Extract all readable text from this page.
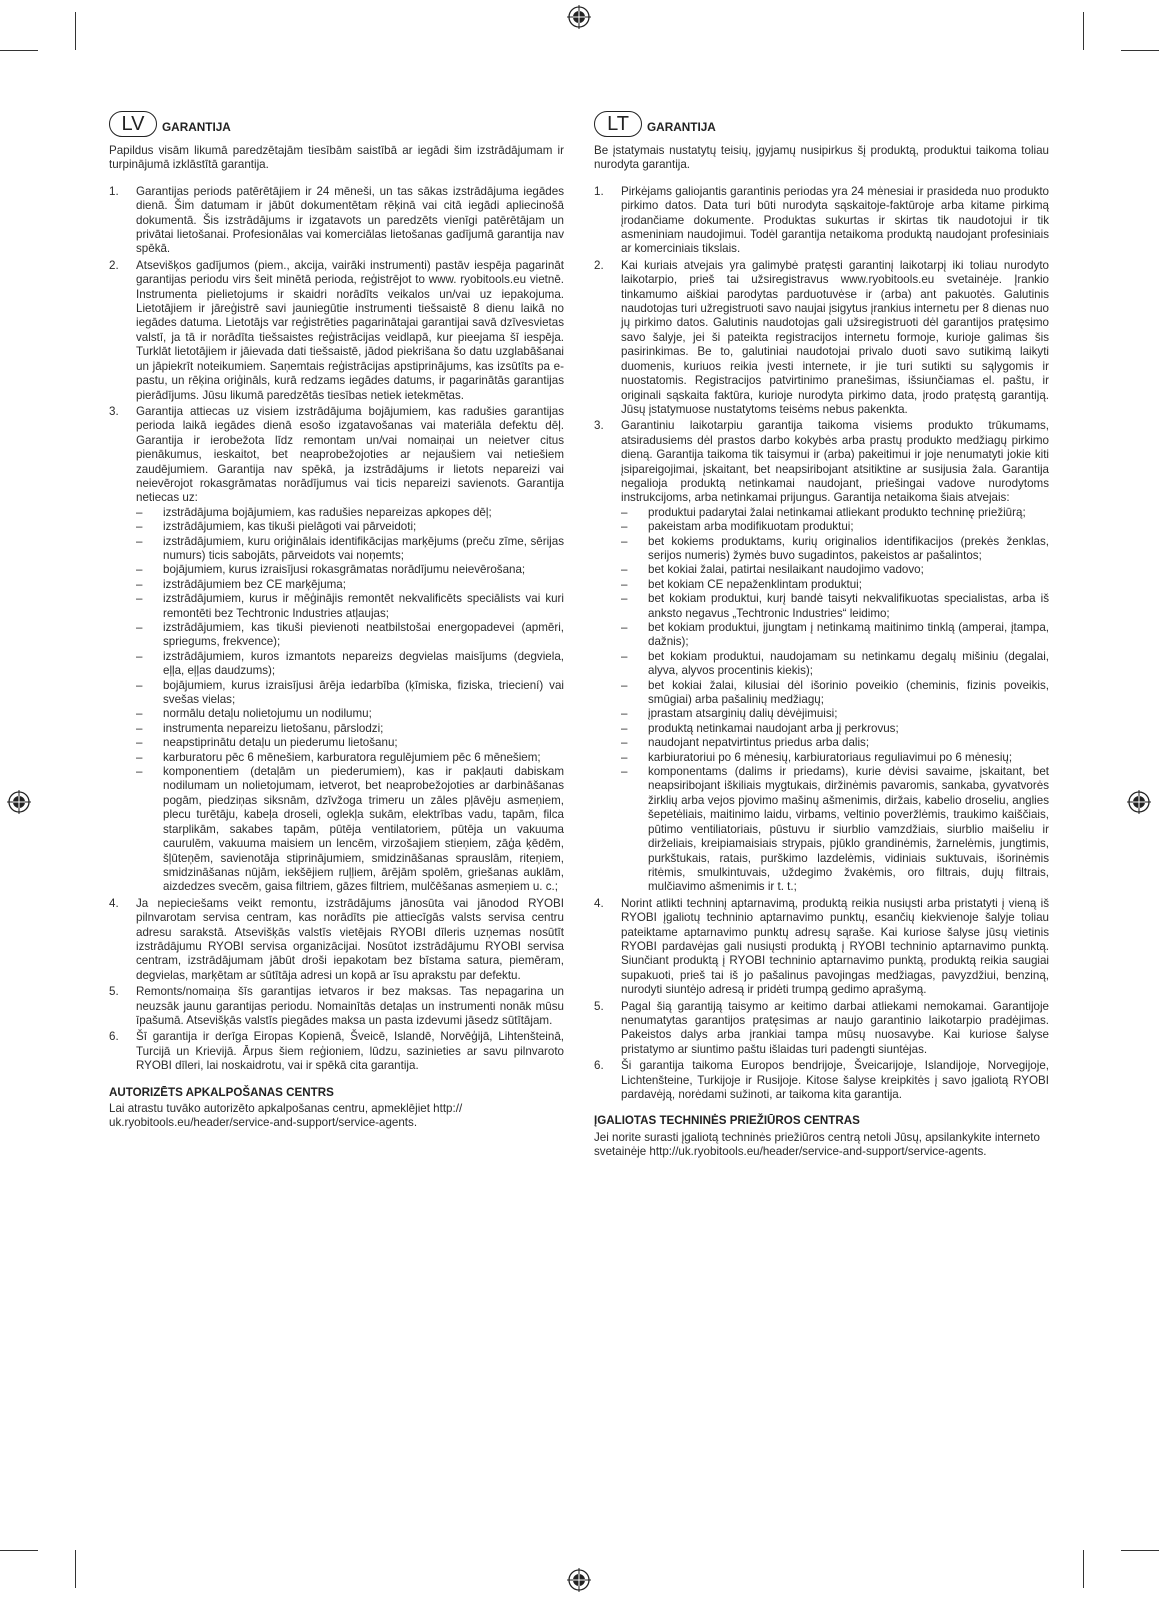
LV	GARANTIJA

Papildus visām likumā paredzētajām tiesībām saistībā ar iegādi šim izstrādājumam ir turpinājumā izklāstītā garantija.

1. Garantijas periods patērētājiem ir 24 mēneši, un tas sākas izstrādājuma iegādes dienā. Šim datumam ir jābūt dokumentētam rēķinā vai citā iegādi apliecinošā dokumentā. Šis izstrādājums ir izgatavots un paredzēts vienīgi patērētājam un privātai lietošanai. Profesionālas vai komerciālas lietošanas gadījumā garantija nav spēkā.
2. Atsevišķos gadījumos (piem., akcija, vairāki instrumenti) pastāv iespēja pagarināt garantijas periodu virs šeit minētā perioda, reģistrējot to www. ryobitools.eu vietnē. Instrumenta pielietojums ir skaidri norādīts veikalos un/vai uz iepakojuma. Lietotājiem ir jāreģistrē savi jauniegūtie instrumenti tiešsaistē 8 dienu laikā no iegādes datuma. Lietotājs var reģistrēties pagarinātajai garantijai savā dzīvesvietas valstī, ja tā ir norādīta tiešsaistes reģistrācijas veidlapā, kur pieejama šī iespēja. Turklāt lietotājiem ir jāievada dati tiešsaistē, jādod piekrišana šo datu uzglabāšanai un jāpiekrīt noteikumiem. Saņemtais reģistrācijas apstiprinājums, kas izsūtīts pa e-pastu, un rēķina oriģināls, kurā redzams iegādes datums, ir pagarinātās garantijas pierādījums. Jūsu likumā paredzētās tiesības netiek ietekmētas.
3. Garantija attiecas uz visiem izstrādājuma bojājumiem, kas radušies garantijas perioda laikā iegādes dienā esošo izgatavošanas vai materiāla defektu dēļ. Garantija ir ierobežota līdz remontam un/vai nomaiņai un neietver citus pienākumus, ieskaitot, bet neaprobežojoties ar nejaušiem vai netiešiem zaudējumiem. Garantija nav spēkā, ja izstrādājums ir lietots nepareizi vai neievērojot rokasgrāmatas norādījumus vai ticis nepareizi savienots. Garantija netiecas uz:
– izstrādājuma bojājumiem, kas radušies nepareizas apkopes dēļ;
– izstrādājumiem, kas tikuši pielāgoti vai pārveidoti;
– izstrādājumiem, kuru oriģinālais identifikācijas marķējums (preču zīme, sērijas numurs) ticis sabojāts, pārveidots vai noņemts;
– bojājumiem, kurus izraisījusi rokasgrāmatas norādījumu neievērošana;
– izstrādājumiem bez CE marķējuma;
– izstrādājumiem, kurus ir mēģinājis remontēt nekvalificēts speciālists vai kuri remontēti bez Techtronic Industries atļaujas;
– izstrādājumiem, kas tikuši pievienoti neatbilstošai energopadevei (apmēri, spriegums, frekvence);
– izstrādājumiem, kuros izmantots nepareizs degvielas maisījums (degviela, eļļa, eļļas daudzums);
– bojājumiem, kurus izraisījusi ārēja iedarbība (ķīmiska, fiziska, trieciení) vai svešas vielas;
– normālu detaļu nolietojumu un nodilumu;
– instrumenta nepareizu lietošanu, pārslodzi;
– neapstiprinātu detaļu un piederumu lietošanu;
– karburatoru pēc 6 mēnešiem, karburatora regulējumiem pēc 6 mēnešiem;
– komponentiem (detaļām un piederumiem), kas ir pakļauti dabiskam nodilumam un nolietojumam, ietverot, bet neaprobežojoties ar darbināšanas pogām, piedziņas siksnām, dzīvžoga trimeru un zāles pļāvēju asmeņiem, plecu turētāju, kabeļa droseli, oglekļa sukām, elektrības vadu, tapām, filca starplikām, sakabes tapām, pūtēja ventilatoriem, pūtēja un vakuuma caurulēm, vakuuma maisiem un lencēm, virzošajiem stieņiem, zāģa ķēdēm, šļūteņēm, savienotāja stiprinājumiem, smidzināšanas sprauslām, riteņiem, smidzināšanas nūjām, iekšējiem ruļļiem, ārējām spolēm, griešanas auklām, aizdedzes svecēm, gaisa filtriem, gāzes filtriem, mulčēšanas asmeņiem u. c.;
4. Ja nepieciešams veikt remontu, izstrādājums jānosūta vai jānodod RYOBI pilnvarotam servisa centram, kas norādīts pie attiecīgās valsts servisa centru adresu sarakstā. Atsevišķās valstīs vietējais RYOBI dīleris uzņemas nosūtīt izstrādājumu RYOBI servisa organizācijai. Nosūtot izstrādājumu RYOBI servisa centram, izstrādājumam jābūt droši iepakotam bez bīstama satura, piemēram, degvielas, marķētam ar sūtītāja adresi un kopā ar īsu aprakstu par defektu.
5. Remonts/nomaiņa šīs garantijas ietvaros ir bez maksas. Tas nepagarina un neuzsāk jaunu garantijas periodu. Nomainītās detaļas un instrumenti nonāk mūsu īpašumā. Atsevišķās valstīs piegādes maksa un pasta izdevumi jāsedz sūtītājam.
6. Šī garantija ir derīga Eiropas Kopienā, Šveicē, Islandē, Norvēģijā, Lihtenšteinā, Turcijā un Krievijā. Ārpus šiem reģioniem, lūdzu, sazinieties ar savu pilnvaroto RYOBI dīleri, lai noskaidrotu, vai ir spēkā cita garantija.
AUTORIZĒTS APKALPOŠANAS CENTRS

Lai atrastu tuvāko autorizēto apkalpošanas centru, apmeklējiet http:// uk.ryobitools.eu/header/service-and-support/service-agents.

LT	GARANTIJA

Be įstatymais nustatytų teisių, įgyjamų nusipirkus šį produktą, produktui taikoma toliau nurodyta garantija.

1. Pirkėjams galiojantis garantinis periodas yra 24 mėnesiai ir prasideda nuo produkto pirkimo datos. Data turi būti nurodyta sąskaitoje-faktūroje arba kitame pirkimą įrodančiame dokumente. Produktas sukurtas ir skirtas tik naudotojui ir tik asmeniniam naudojimui. Todėl garantija netaikoma produktą naudojant profesiniais ar komerciniais tikslais.
2. Kai kuriais atvejais yra galimybė pratęsti garantinį laikotarpį iki toliau nurodyto laikotarpio, prieš tai užsiregistravus www.ryobitools.eu svetainėje. Įrankio tinkamumo aiškiai parodytas parduotuvėse ir (arba) ant pakuotės. Galutinis naudotojas turi užregistruoti savo naujai įsigytus įrankius internetu per 8 dienas nuo jų pirkimo datos. Galutinis naudotojas gali užsiregistruoti dėl garantijos pratęsimo savo šalyje, jei ši pateikta registracijos internetu formoje, kurioje galimas šis pasirinkimas. Be to, galutiniai naudotojai privalo duoti savo sutikimą laikyti duomenis, kuriuos reikia įvesti internete, ir jie turi sutikti su sąlygomis ir nuostatomis. Registracijos patvirtinimo pranešimas, išsiunčiamas el. paštu, ir originali sąskaita faktūra, kurioje nurodyta pirkimo data, įrodo pratęstą garantiją. Jūsų įstatymuose nustatytoms teisėms nebus pakenkta.
3. Garantiniu laikotarpiu garantija taikoma visiems produkto trūkumams, atsiradusiems dėl prastos darbo kokybės arba prastų produkto medžiagų pirkimo dieną. Garantija taikoma tik taisymui ir (arba) pakeitimui ir joje nenumatyti jokie kiti įsipareigojimai, įskaitant, bet neapsiribojant atsitiktine ar susijusia žala. Garantija negalioja produktą netinkamai naudojant, priešingai vadove nurodytoms instrukcijoms, arba netinkamai prijungus. Garantija netaikoma šiais atvejais:
– produktui padarytai žalai netinkamai atliekant produkto techninę priežiūrą;
– pakeistam arba modifikuotam produktui;
– bet kokiems produktams, kurių originalios identifikacijos (prekės ženklas, serijos numeris) žymės buvo sugadintos, pakeistos ar pašalintos;
– bet kokiai žalai, patirtai nesilaikant naudojimo vadovo;
– bet kokiam CE nepaženklintam produktui;
– bet kokiam produktui, kurį bandė taisyti nekvalifikuotas specialistas, arba iš anksto negavus „Techtronic Industries“ leidimo;
– bet kokiam produktui, įjungtam į netinkamą maitinimo tinklą (amperai, įtampa, dažnis);
– bet kokiam produktui, naudojamam su netinkamu degalų mišiniu (degalai, alyva, alyvos procentinis kiekis);
– bet kokiai žalai, kilusiai dėl išorinio poveikio (cheminis, fizinis poveikis, smūgiai) arba pašalinių medžiagų;
– įprastam atsarginių dalių dėvėjimuisi;
– produktą netinkamai naudojant arba jį perkrovus;
– naudojant nepatvirtintus priedus arba dalis;
– karbiuratoriui po 6 mėnesių, karbiuratoriaus reguliavimui po 6 mėnesių;
– komponentams (dalims ir priedams), kurie dėvisi savaime, įskaitant, bet neapsiribojant iškiliais mygtukais, diržinėmis pavaromis, sankaba, gyvatvorės žirklių arba vejos pjovimo mašinų ašmenimis, diržais, kabelio droseliu, anglies šepetėliais, maitinimo laidu, virbams, veltinio poveržlėmis, traukimo kaiščiais, pūtimo ventiliatoriais, pūstuvu ir siurblio vamzdžiais, siurblio maišeliu ir dirželiais, kreipiamaisiais strypais, pjūklo grandinėmis, žarnelėmis, jungtimis, purkštukais, ratais, purškimo lazdelėmis, vidiniais suktuvais, išorinėmis ritėmis, smulkintuvais, uždegimo žvakėmis, oro filtrais, dujų filtrais, mulčiavimo ašmenimis ir t. t.;
4. Norint atlikti techninį aptarnavimą, produktą reikia nusiųsti arba pristatyti į vieną iš RYOBI įgaliotų techninio aptarnavimo punktų, esančių kiekvienoje šalyje toliau pateiktame aptarnavimo punktų adresų sąraše. Kai kuriose šalyse jūsų vietinis RYOBI pardavėjas gali nusiųsti produktą į RYOBI techninio aptarnavimo punktą. Siunčiant produktą į RYOBI techninio aptarnavimo punktą, produktą reikia saugiai supakuoti, prieš tai iš jo pašalinus pavojingas medžiagas, pavyzdžiui, benziną, nurodyti siuntėjo adresą ir pridėti trumpą gedimo aprašymą.
5. Pagal šią garantiją taisymo ar keitimo darbai atliekami nemokamai. Garantijoje nenumatytas garantijos pratęsimas ar naujo garantinio laikotarpio pradėjimas. Pakeistos dalys arba įrankiai tampa mūsų nuosavybe. Kai kuriose šalyse pristatymo ar siuntimo paštu išlaidas turi padengti siuntėjas.
6. Ši garantija taikoma Europos bendrijoje, Šveicarijoje, Islandijoje, Norvegijoje, Lichtenšteine, Turkijoje ir Rusijoje. Kitose šalyse kreipkitės į savo įgaliotą RYOBI pardavėją, norėdami sužinoti, ar taikoma kita garantija.
ĮGALIOTAS TECHNINĖS PRIEŽIŪROS CENTRAS

Jei norite surasti įgaliotą techninės priežiūros centrą netoli Jūsų, apsilankykite interneto svetainėje http://uk.ryobitools.eu/header/service-and-support/service-agents.
